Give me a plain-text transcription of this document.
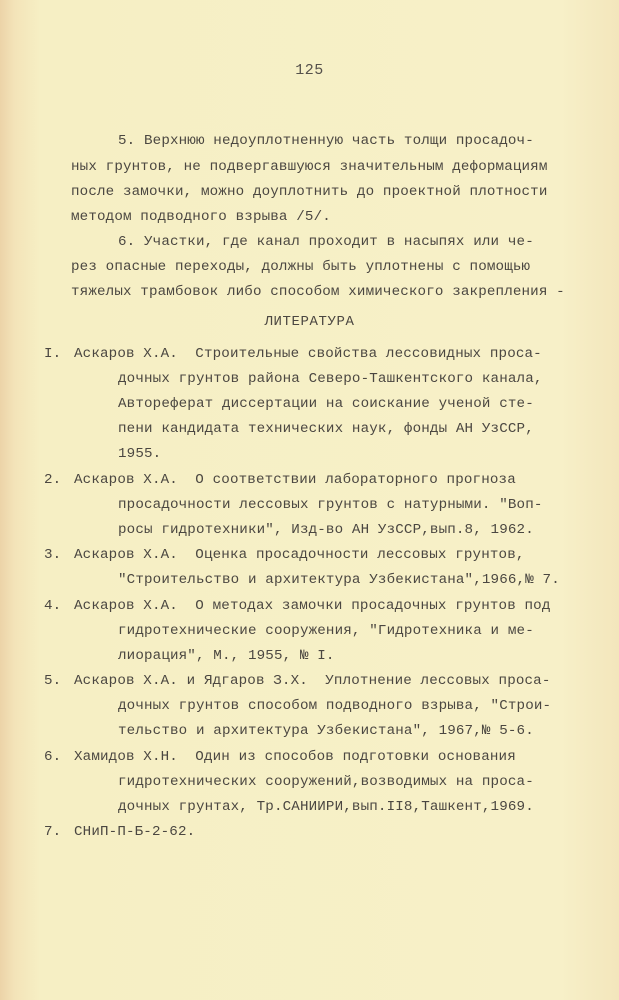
125
5. Верхнюю недоуплотненную часть толщи просадоч-
ных грунтов, не подвергавшуюся значительным деформациям
после замочки, можно доуплотнить до проектной плотности
методом подводного взрыва /5/.
6. Участки, где канал проходит в насыпях или че-
рез опасные переходы, должны быть уплотнены с помощью
тяжелых трамбовок либо способом химического закрепления -
ЛИТЕРАТУРА
I. Аскаров Х.А.  Строительные свойства лессовидных проса-
дочных грунтов района Северо-Ташкентского канала,
Автореферат диссертации на соискание ученой сте-
пени кандидата технических наук, фонды АН УзССР,
1955.
2. Аскаров Х.А.  О соответствии лабораторного прогноза
просадочности лессовых грунтов с натурными. "Воп-
росы гидротехники", Изд-во АН УзССР,вып.8, 1962.
3. Аскаров Х.А.  Оценка просадочности лессовых грунтов,
"Строительство и архитектура Узбекистана",1966,№ 7.
4. Аскаров Х.А.  О методах замочки просадочных грунтов под
гидротехнические сооружения, "Гидротехника и ме-
лиорация", М., 1955, № I.
5. Аскаров Х.А. и Ядгаров З.Х.  Уплотнение лессовых проса-
дочных грунтов способом подводного взрыва, "Строи-
тельство и архитектура Узбекистана", 1967,№ 5-6.
6. Хамидов Х.Н.  Один из способов подготовки основания
гидротехнических сооружений,возводимых на проса-
дочных грунтах, Тр.САНИИРИ,вып.II8,Ташкент,1969.
7. СНиП-П-Б-2-62.
